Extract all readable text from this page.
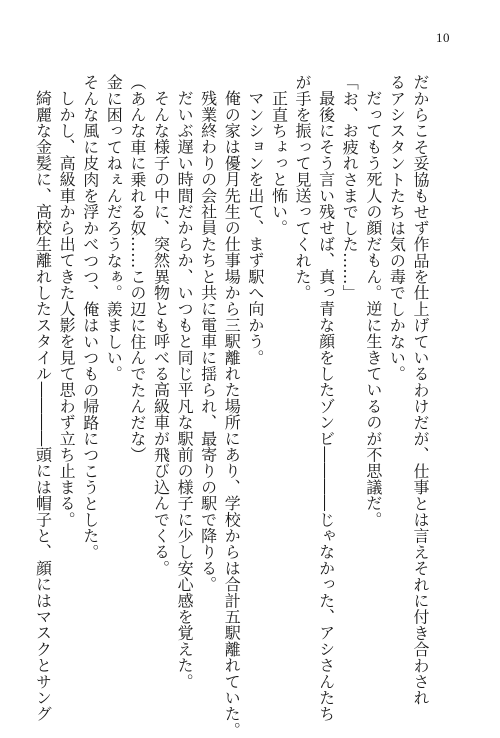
10
だからこそ妥協もせず作品を仕上げているわけだが、仕事とは言えそれに付き合わされ
るアシスタントたちは気の毒でしかない。
だってもう死人の顔だもん。逆に生きているのが不思議だ。
「お、お疲れさまでした……」
最後にそう言い残せば、真っ青な顔をしたゾンビ――――じゃなかった、アシさんたち
が手を振って見送ってくれた。
正直ちょっと怖い。
マンションを出て、まず駅へ向かう。
俺の家は優月先生の仕事場から三駅離れた場所にあり、学校からは合計五駅離れていた。
残業終わりの会社員たちと共に電車に揺られ、最寄りの駅で降りる。
だいぶ遅い時間だからか、いつもと同じ平凡な駅前の様子に少し安心感を覚えた。
そんな様子の中に、突然異物とも呼べる高級車が飛び込んでくる。
（あんな車に乗れる奴……この辺に住んでたんだな）
金に困ってねぇんだろうなぁ。羨ましい。
そんな風に皮肉を浮かべつつ、俺はいつもの帰路につこうとした。
しかし、高級車から出てきた人影を見て思わず立ち止まる。
綺麗な金髪に、高校生離れしたスタイル――――頭には帽子と、顔にはマスクとサング
